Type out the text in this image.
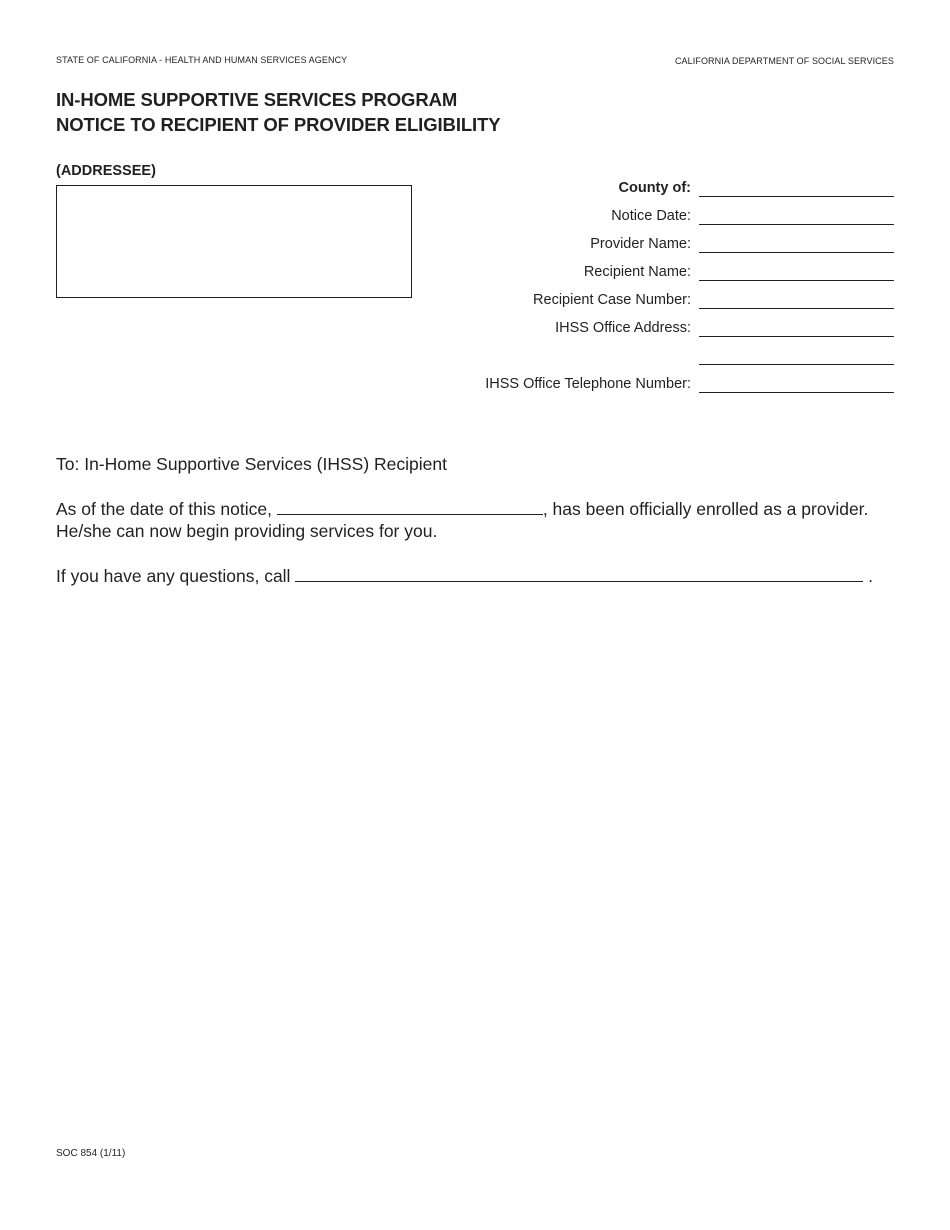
STATE OF CALIFORNIA - HEALTH AND HUMAN SERVICES AGENCY	CALIFORNIA DEPARTMENT OF SOCIAL SERVICES
IN-HOME SUPPORTIVE SERVICES PROGRAM
NOTICE TO RECIPIENT OF PROVIDER ELIGIBILITY
(ADDRESSEE)
County of:
Notice Date:
Provider Name:
Recipient Name:
Recipient Case Number:
IHSS Office Address:
IHSS Office Telephone Number:
To: In-Home Supportive Services (IHSS) Recipient
As of the date of this notice,	, has been officially enrolled as a provider.
He/she can now begin providing services for you.
If you have any questions, call	.
SOC 854 (1/11)
